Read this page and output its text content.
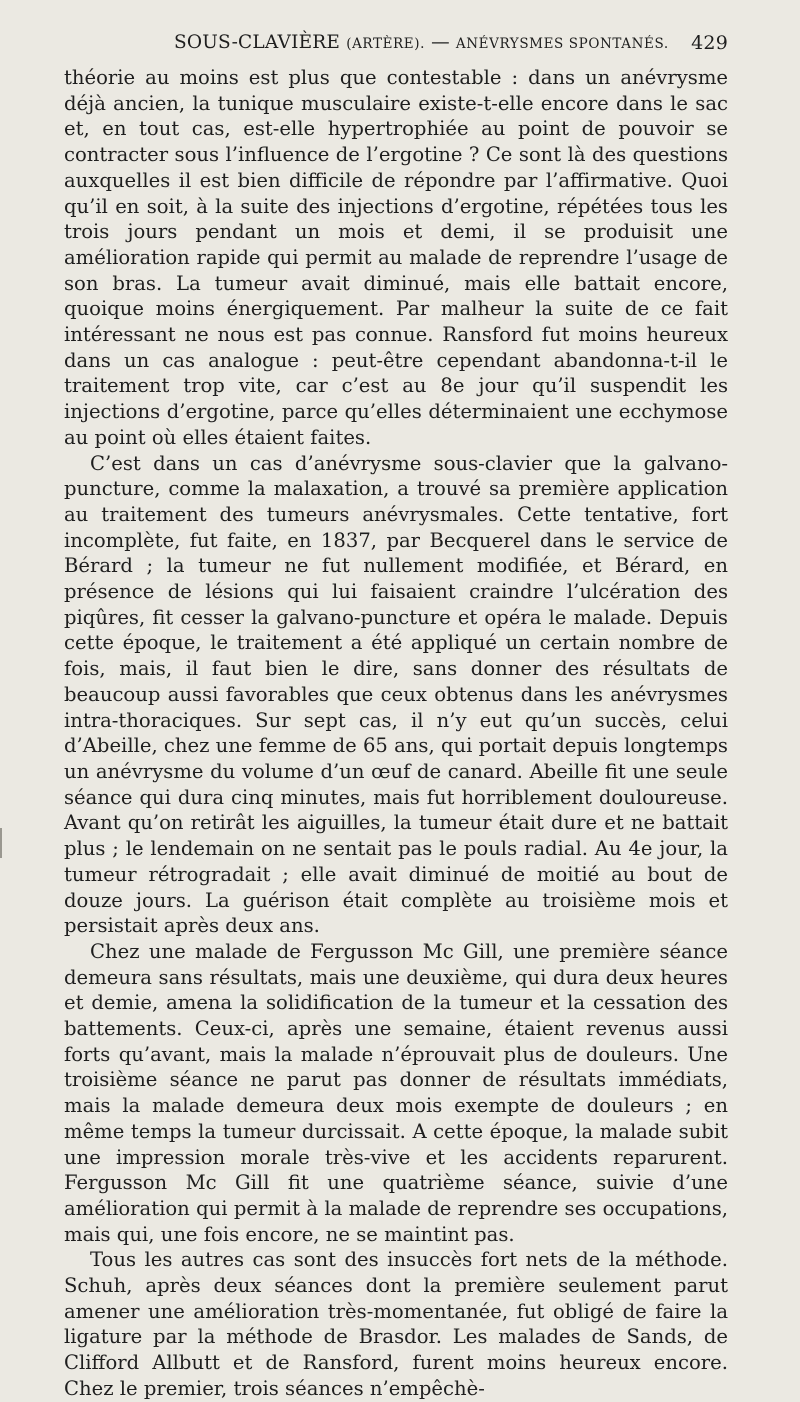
SOUS-CLAVIÈRE (ARTÈRE). — ANÉVRYSMES SPONTANÉS. 429

théorie au moins est plus que contestable : dans un anévrysme déjà ancien, la tunique musculaire existe-t-elle encore dans le sac et, en tout cas, est-elle hypertrophiée au point de pouvoir se contracter sous l’influence de l’ergotine ? Ce sont là des questions auxquelles il est bien difficile de répondre par l’affirmative. Quoi qu’il en soit, à la suite des injections d’ergotine, répétées tous les trois jours pendant un mois et demi, il se produisit une amélioration rapide qui permit au malade de reprendre l’usage de son bras. La tumeur avait diminué, mais elle battait encore, quoique moins énergiquement. Par malheur la suite de ce fait intéressant ne nous est pas connue. Ransford fut moins heureux dans un cas analogue : peut-être cependant abandonna-t-il le traitement trop vite, car c’est au 8e jour qu’il suspendit les injections d’ergotine, parce qu’elles déterminaient une ecchymose au point où elles étaient faites.

C’est dans un cas d’anévrysme sous-clavier que la galvano-puncture, comme la malaxation, a trouvé sa première application au traitement des tumeurs anévrysmales. Cette tentative, fort incomplète, fut faite, en 1837, par Becquerel dans le service de Bérard ; la tumeur ne fut nullement modifiée, et Bérard, en présence de lésions qui lui faisaient craindre l’ulcération des piqûres, fit cesser la galvano-puncture et opéra le malade. Depuis cette époque, le traitement a été appliqué un certain nombre de fois, mais, il faut bien le dire, sans donner des résultats de beaucoup aussi favorables que ceux obtenus dans les anévrysmes intra-thoraciques. Sur sept cas, il n’y eut qu’un succès, celui d’Abeille, chez une femme de 65 ans, qui portait depuis longtemps un anévrysme du volume d’un œuf de canard. Abeille fit une seule séance qui dura cinq minutes, mais fut horriblement douloureuse. Avant qu’on retirât les aiguilles, la tumeur était dure et ne battait plus ; le lendemain on ne sentait pas le pouls radial. Au 4e jour, la tumeur rétrogradait ; elle avait diminué de moitié au bout de douze jours. La guérison était complète au troisième mois et persistait après deux ans.

Chez une malade de Fergusson Mc Gill, une première séance demeura sans résultats, mais une deuxième, qui dura deux heures et demie, amena la solidification de la tumeur et la cessation des battements. Ceux-ci, après une semaine, étaient revenus aussi forts qu’avant, mais la malade n’éprouvait plus de douleurs. Une troisième séance ne parut pas donner de résultats immédiats, mais la malade demeura deux mois exempte de douleurs ; en même temps la tumeur durcissait. A cette époque, la malade subit une impression morale très-vive et les accidents reparurent. Fergusson Mc Gill fit une quatrième séance, suivie d’une amélioration qui permit à la malade de reprendre ses occupations, mais qui, une fois encore, ne se maintint pas.

Tous les autres cas sont des insuccès fort nets de la méthode. Schuh, après deux séances dont la première seulement parut amener une amélioration très-momentanée, fut obligé de faire la ligature par la méthode de Brasdor. Les malades de Sands, de Clifford Allbutt et de Ransford, furent moins heureux encore. Chez le premier, trois séances n’empêchè-
